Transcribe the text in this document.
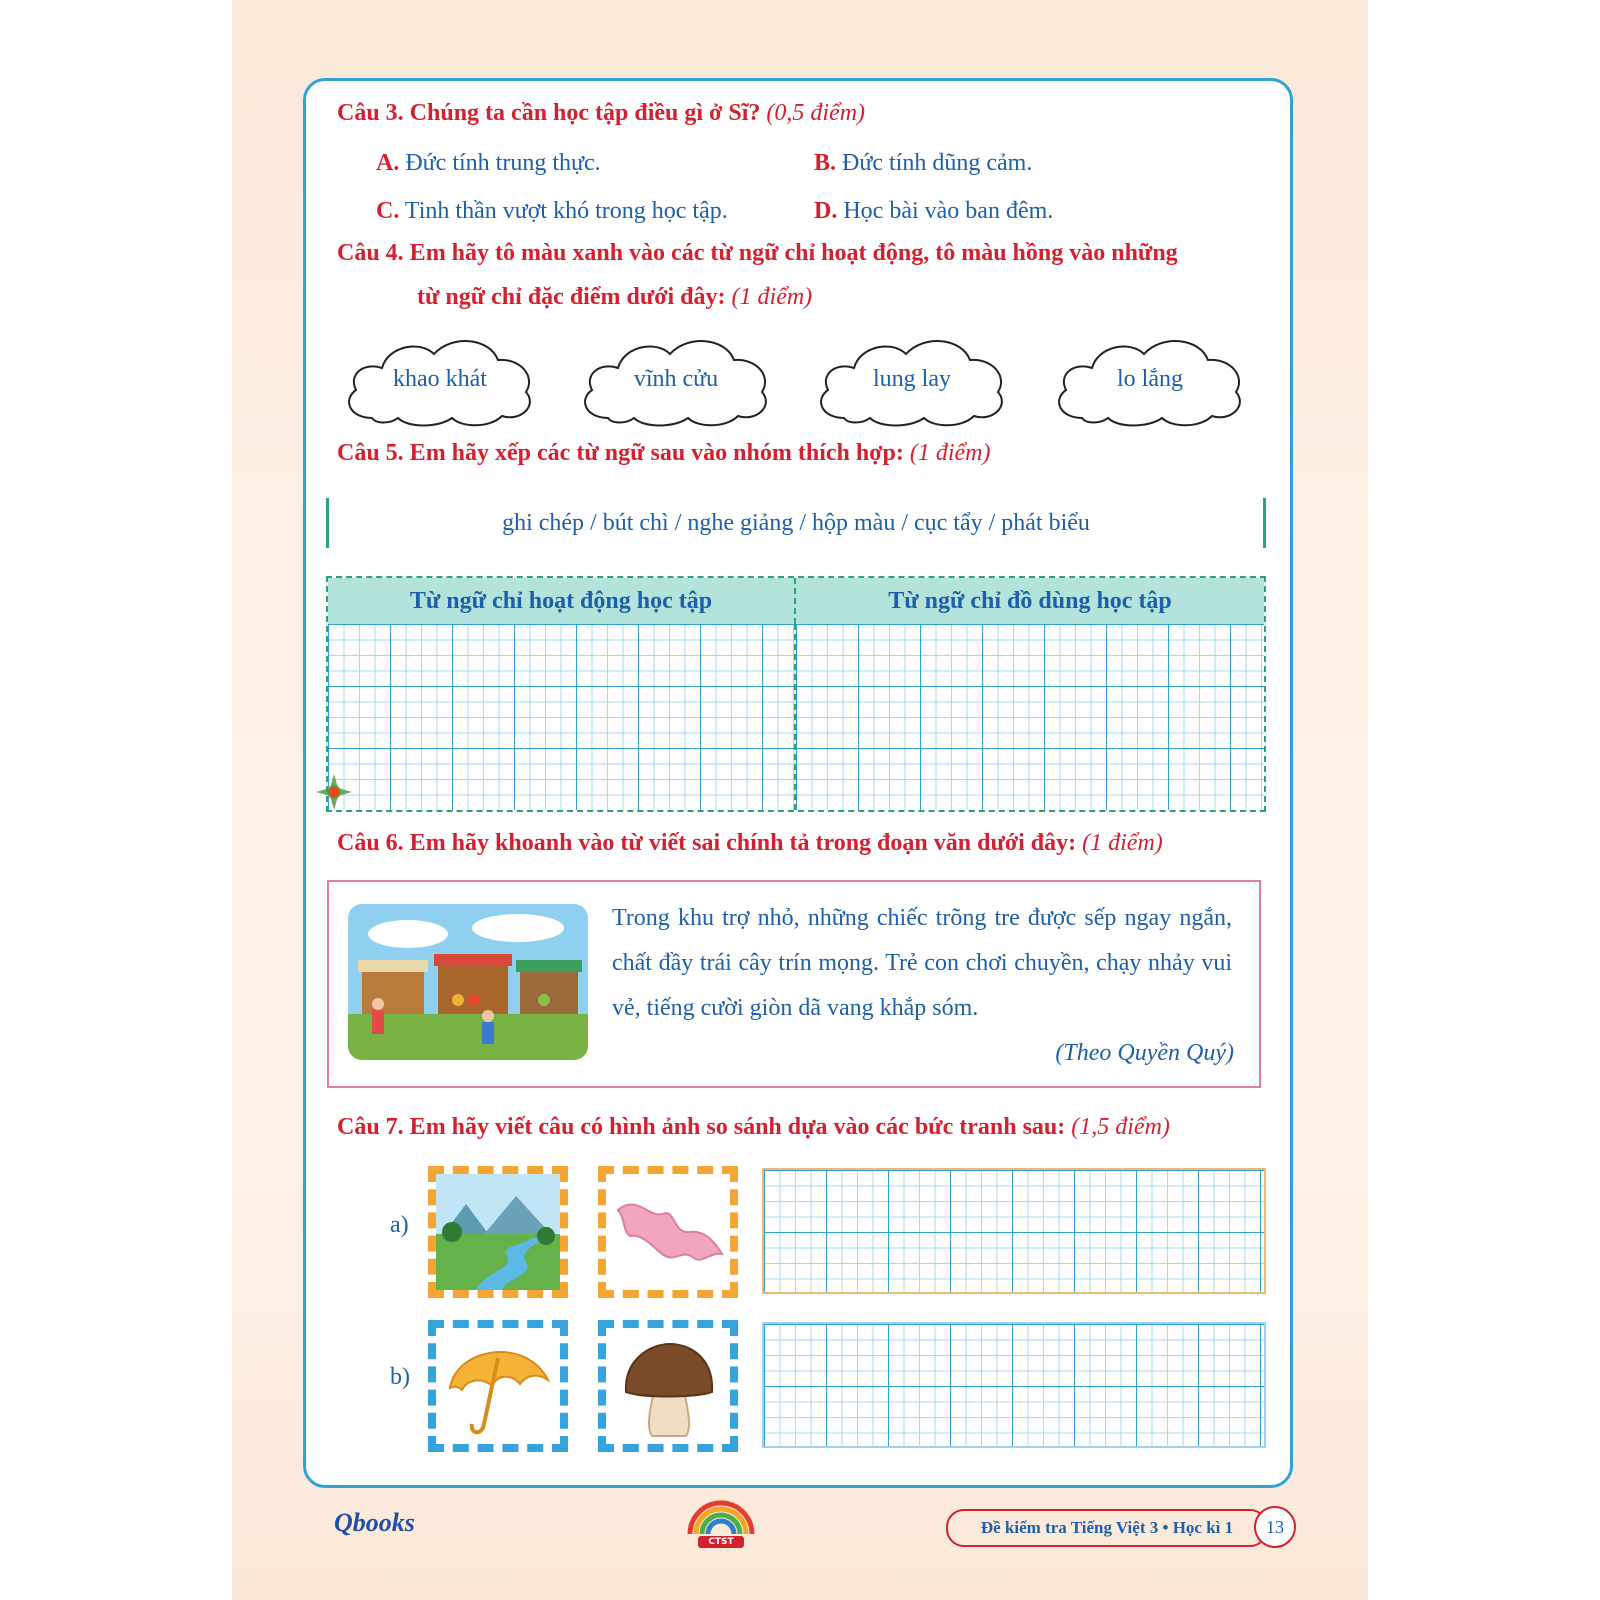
Câu 3. Chúng ta cần học tập điều gì ở Sĩ? (0,5 điểm)
A. Đức tính trung thực.	B. Đức tính dũng cảm.
C. Tinh thần vượt khó trong học tập.	D. Học bài vào ban đêm.
Câu 4. Em hãy tô màu xanh vào các từ ngữ chỉ hoạt động, tô màu hồng vào những
từ ngữ chỉ đặc điểm dưới đây: (1 điểm)
khao khát	vĩnh cửu	lung lay	lo lắng
Câu 5. Em hãy xếp các từ ngữ sau vào nhóm thích hợp: (1 điểm)
ghi chép / bút chì / nghe giảng / hộp màu / cục tẩy / phát biểu
Từ ngữ chỉ hoạt động học tập	Từ ngữ chỉ đồ dùng học tập
Câu 6. Em hãy khoanh vào từ viết sai chính tả trong đoạn văn dưới đây: (1 điểm)
Trong khu trợ nhỏ, những chiếc trõng tre được sếp ngay ngắn, chất đầy trái cây trín mọng. Trẻ con chơi chuyền, chạy nhảy vui vẻ, tiếng cười giòn dã vang khắp sóm.
(Theo Quyền Quý)
Câu 7. Em hãy viết câu có hình ảnh so sánh dựa vào các bức tranh sau: (1,5 điểm)
a)
b)
Qbooks
CTST
Đề kiểm tra Tiếng Việt 3 • Học kì 1	13
